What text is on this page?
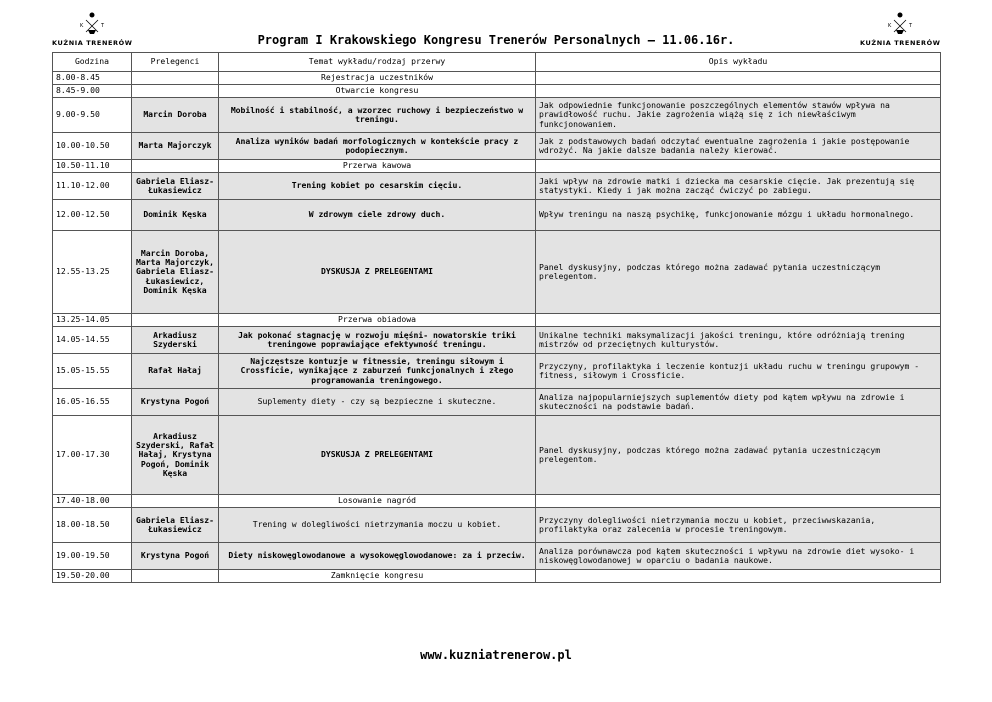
K	T
KUŹNIA TRENERÓW	Program I Krakowskiego Kongresu Trenerów Personalnych – 11.06.16r.
K	T
KUŹNIA TRENERÓW
Godzina	Prelegenci	Temat wykładu/rodzaj przerwy	Opis wykładu
8.00-8.45		Rejestracja uczestników	
8.45-9.00		Otwarcie kongresu	
9.00-9.50	Marcin Doroba	Mobilność i stabilność, a wzorzec ruchowy i bezpieczeństwo w treningu.	Jak odpowiednie funkcjonowanie poszczególnych elementów stawów wpływa na prawidłowość ruchu. Jakie zagrożenia wiążą się z ich niewłaściwym funkcjonowaniem.
10.00-10.50	Marta Majorczyk	Analiza wyników badań morfologicznych w kontekście pracy z podopiecznym.	Jak z podstawowych badań odczytać ewentualne zagrożenia i jakie postępowanie wdrożyć. Na jakie dalsze badania należy kierować.
10.50-11.10		Przerwa kawowa	
11.10-12.00	Gabriela Eliasz-Łukasiewicz	Trening kobiet po cesarskim cięciu.	Jaki wpływ na zdrowie matki i dziecka ma cesarskie cięcie. Jak prezentują się statystyki. Kiedy i jak można zacząć ćwiczyć po zabiegu.
12.00-12.50	Dominik Kęska	W zdrowym ciele zdrowy duch.	Wpływ treningu na naszą psychikę, funkcjonowanie mózgu i układu hormonalnego.
12.55-13.25	Marcin Doroba, Marta Majorczyk, Gabriela Eliasz-Łukasiewicz, Dominik Kęska	DYSKUSJA Z PRELEGENTAMI	Panel dyskusyjny, podczas którego można zadawać pytania uczestniczącym prelegentom.
13.25-14.05		Przerwa obiadowa	
14.05-14.55	Arkadiusz Szyderski	Jak pokonać stagnację w rozwoju mięśni- nowatorskie triki treningowe poprawiające efektywność treningu.	Unikalne techniki maksymalizacji jakości treningu, które odróżniają trening mistrzów od przeciętnych kulturystów.
15.05-15.55	Rafał Hałaj	Najczęstsze kontuzje w fitnessie, treningu siłowym i Crossficie, wynikające z zaburzeń funkcjonalnych i złego programowania treningowego.	Przyczyny, profilaktyka i leczenie kontuzji układu ruchu w treningu grupowym - fitness, siłowym i Crossficie.
16.05-16.55	Krystyna Pogoń	Suplementy diety - czy są bezpieczne i skuteczne.	Analiza najpopularniejszych suplementów diety pod kątem wpływu na zdrowie i skuteczności na podstawie badań.
17.00-17.30	Arkadiusz Szyderski, Rafał Hałaj, Krystyna Pogoń, Dominik Kęska	DYSKUSJA Z PRELEGENTAMI	Panel dyskusyjny, podczas którego można zadawać pytania uczestniczącym prelegentom.
17.40-18.00		Losowanie nagród	
18.00-18.50	Gabriela Eliasz-Łukasiewicz	Trening w dolegliwości nietrzymania moczu u kobiet.	Przyczyny dolegliwości nietrzymania moczu u kobiet, przeciwwskazania, profilaktyka oraz zalecenia w procesie treningowym.
19.00-19.50	Krystyna Pogoń	Diety niskowęglowodanowe a wysokowęglowodanowe: za i przeciw.	Analiza porównawcza pod kątem skuteczności i wpływu na zdrowie diet wysoko- i niskowęglowodanowej w oparciu o badania naukowe.
19.50-20.00		Zamknięcie kongresu	
www.kuzniatrenerow.pl
